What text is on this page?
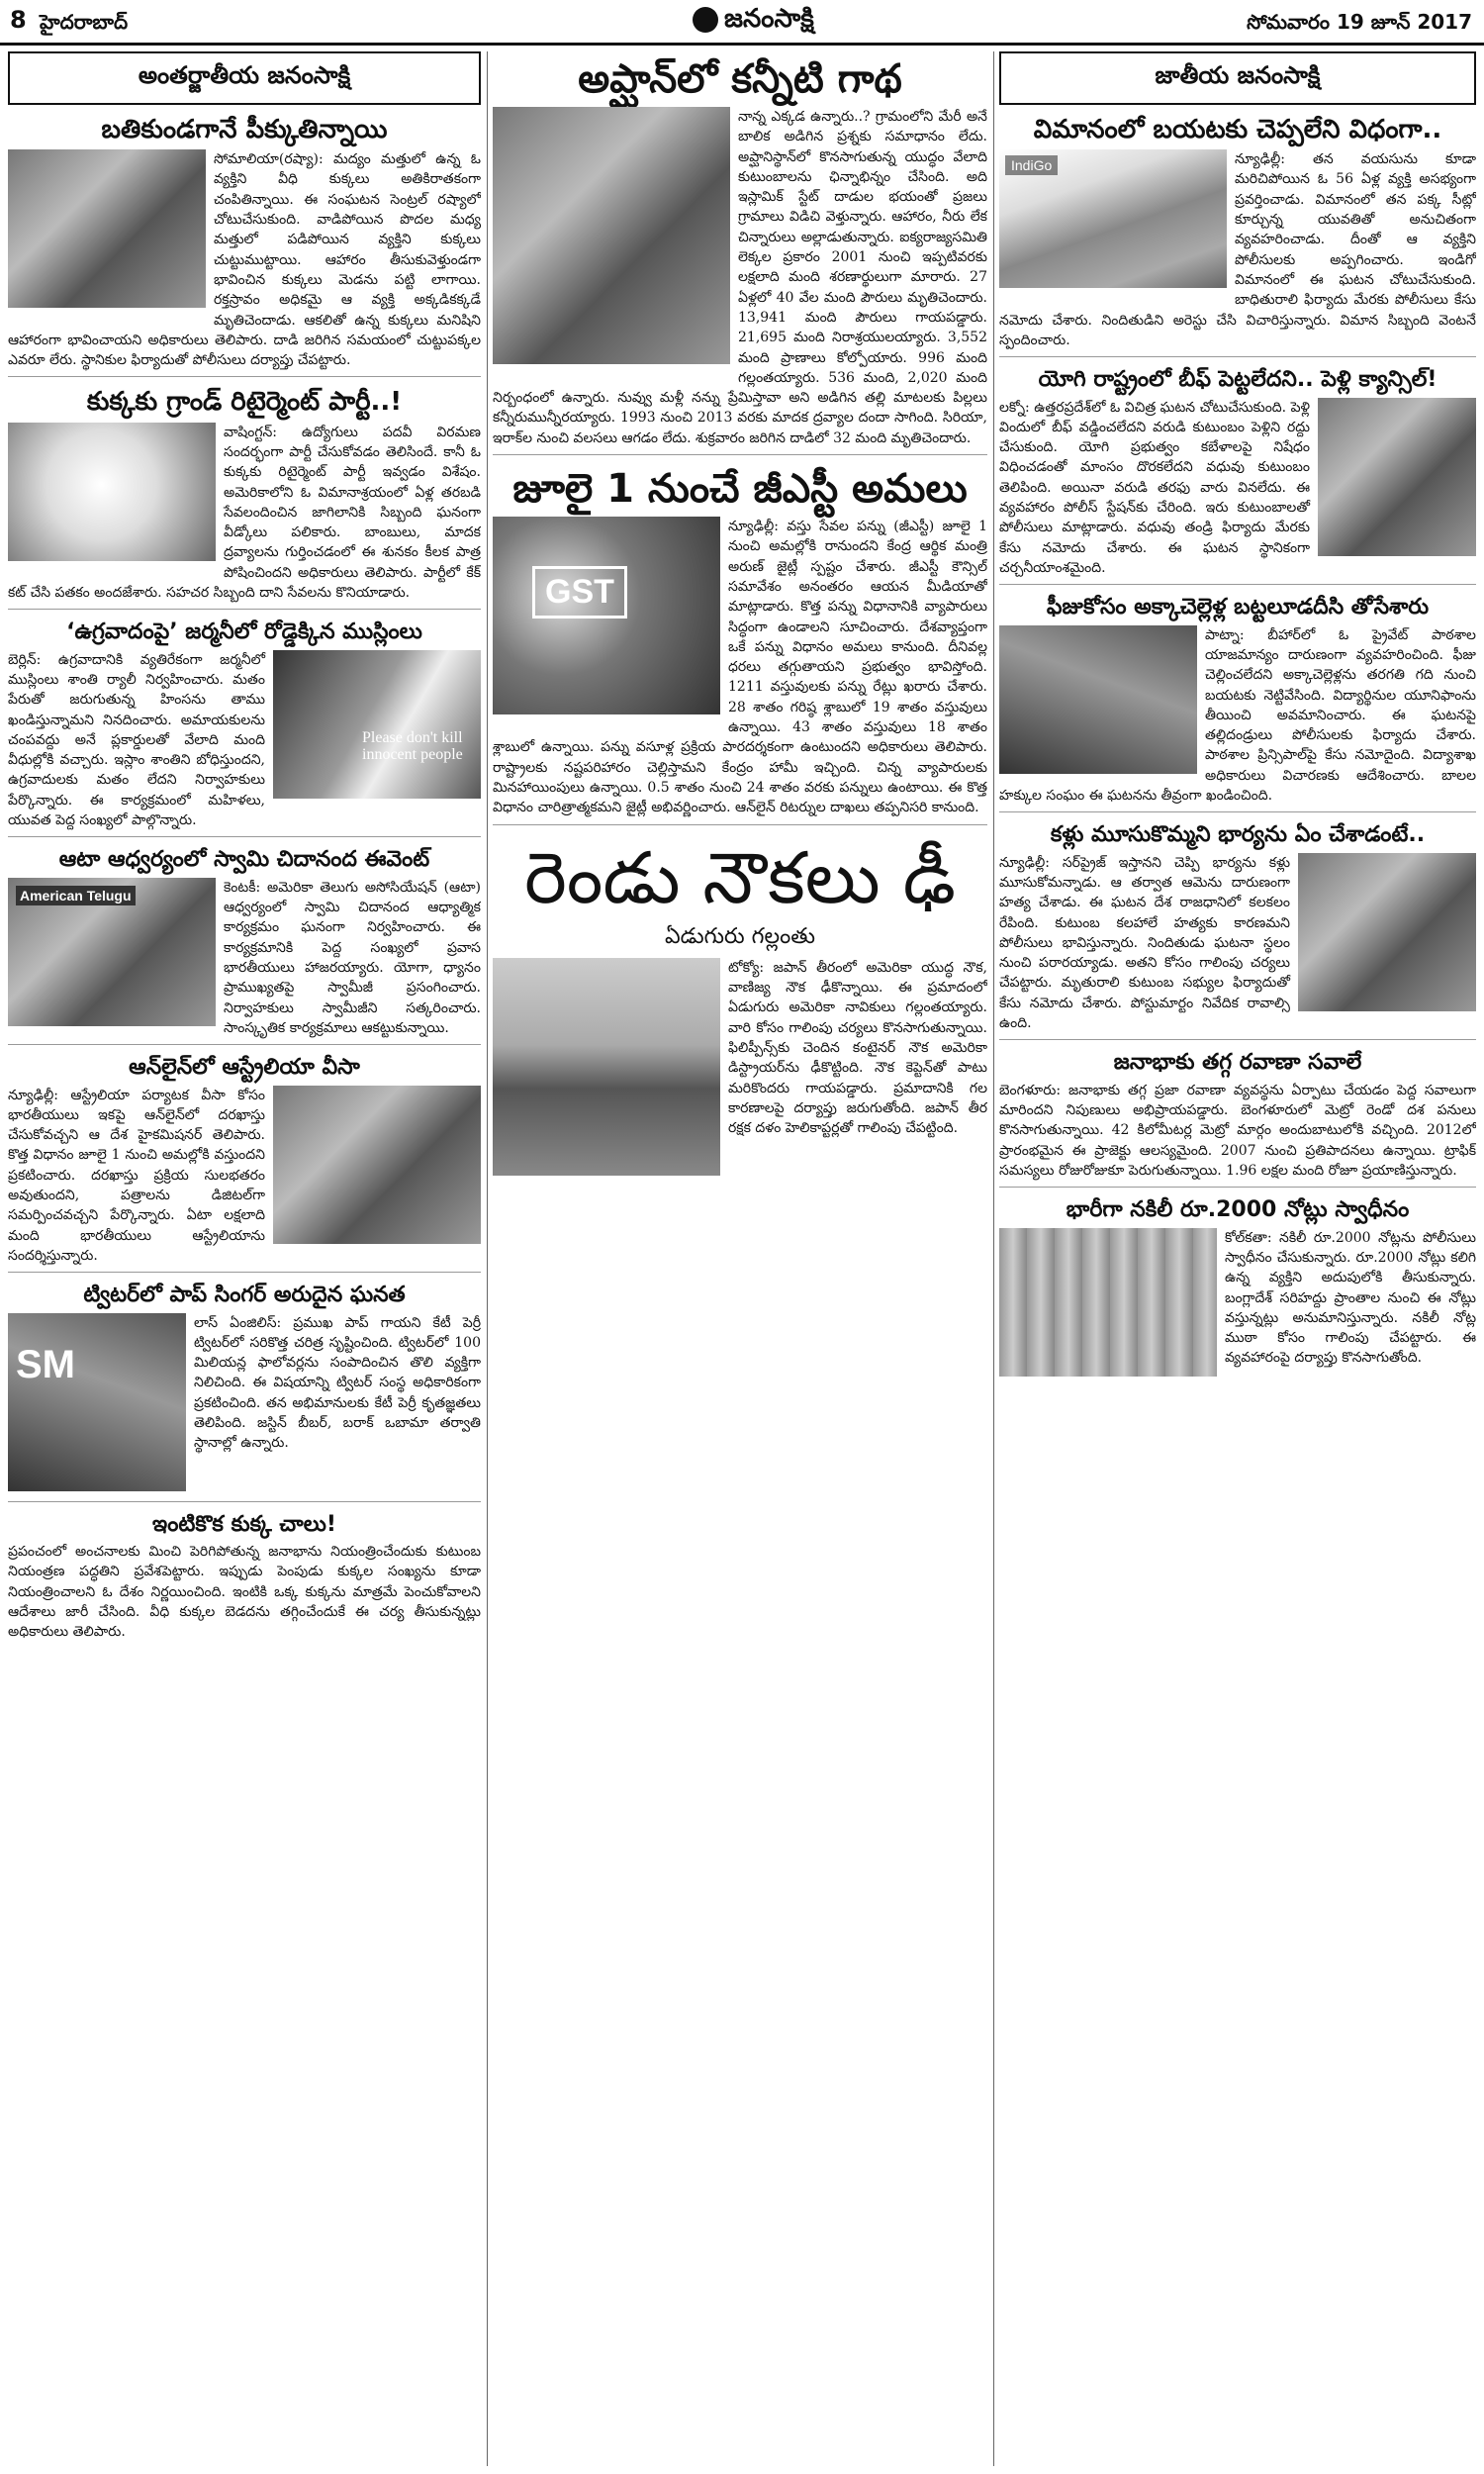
8 హైదరాబాద్	జనంసాక్షి	సోమవారం 19 జూన్ 2017
అంతర్జాతీయ జనంసాక్షి
బతికుండగానే పీక్కుతిన్నాయి
సోమాలియా(రష్యా): మద్యం మత్తులో ఉన్న ఓ వ్యక్తిని వీధి కుక్కలు అతికిరాతకంగా చంపితిన్నాయి. ఈ సంఘటన సెంట్రల్ రష్యాలో చోటుచేసుకుంది. వాడిపోయిన పొదల మధ్య మత్తులో పడిపోయిన వ్యక్తిని కుక్కలు చుట్టుముట్టాయి. ఆహారం తీసుకువెళ్తుండగా భావించిన కుక్కలు మెడను పట్టి లాగాయి. రక్తస్రావం అధికమై ఆ వ్యక్తి అక్కడికక్కడే మృతిచెందాడు. ఆకలితో ఉన్న కుక్కలు మనిషిని ఆహారంగా భావించాయని అధికారులు తెలిపారు. దాడి జరిగిన సమయంలో చుట్టుపక్కల ఎవరూ లేరు. స్థానికుల ఫిర్యాదుతో పోలీసులు దర్యాప్తు చేపట్టారు.
కుక్కకు గ్రాండ్ రిటైర్మెంట్ పార్టీ..!
వాషింగ్టన్: ఉద్యోగులు పదవీ విరమణ సందర్భంగా పార్టీ చేసుకోవడం తెలిసిందే. కానీ ఓ కుక్కకు రిటైర్మెంట్ పార్టీ ఇవ్వడం విశేషం. అమెరికాలోని ఓ విమానాశ్రయంలో ఏళ్ల తరబడి సేవలందించిన జాగిలానికి సిబ్బంది ఘనంగా వీడ్కోలు పలికారు. బాంబులు, మాదక ద్రవ్యాలను గుర్తించడంలో ఈ శునకం కీలక పాత్ర పోషించిందని అధికారులు తెలిపారు. పార్టీలో కేక్ కట్ చేసి పతకం అందజేశారు. సహచర సిబ్బంది దాని సేవలను కొనియాడారు.
‘ఉగ్రవాదంపై’ జర్మనీలో రోడ్డెక్కిన ముస్లిం‌లు
Please don't kill innocent people
బెర్లిన్: ఉగ్రవాదానికి వ్యతిరేకంగా జర్మనీలో ముస్లింలు శాంతి ర్యాలీ నిర్వహించారు. మతం పేరుతో జరుగుతున్న హింసను తాము ఖండిస్తున్నామని నినదించారు. అమాయకులను చంపవద్దు అనే ప్లకార్డులతో వేలాది మంది వీధుల్లోకి వచ్చారు. ఇస్లాం శాంతిని బోధిస్తుందని, ఉగ్రవాదులకు మతం లేదని నిర్వాహకులు పేర్కొన్నారు. ఈ కార్యక్రమంలో మహిళలు, యువత పెద్ద సంఖ్యలో పాల్గొన్నారు.
ఆటా ఆధ్వర్యంలో స్వామి చిదానంద ఈవెంట్
American Telugu	కెంటకీ: అమెరికా తెలుగు అసోసియేషన్ (ఆటా) ఆధ్వర్యంలో స్వామి చిదానంద ఆధ్యాత్మిక కార్యక్రమం ఘనంగా నిర్వహించారు. ఈ కార్యక్రమానికి పెద్ద సంఖ్యలో ప్రవాస భారతీయులు హాజరయ్యారు. యోగా, ధ్యానం ప్రాముఖ్యతపై స్వామీజీ ప్రసంగించారు. నిర్వాహకులు స్వామీజీని సత్కరించారు. సాంస్కృతిక కార్యక్రమాలు ఆకట్టుకున్నాయి.
ఆన్‌లైన్‌లో ఆస్ట్రేలియా వీసా
న్యూఢిల్లీ: ఆస్ట్రేలియా పర్యాటక వీసా కోసం భారతీయులు ఇకపై ఆన్‌లైన్‌లో దరఖాస్తు చేసుకోవచ్చని ఆ దేశ హైకమిషనర్ తెలిపారు. కొత్త విధానం జూలై 1 నుంచి అమల్లోకి వస్తుందని ప్రకటించారు. దరఖాస్తు ప్రక్రియ సులభతరం అవుతుందని, పత్రాలను డిజిటల్‌గా సమర్పించవచ్చని పేర్కొన్నారు. ఏటా లక్షలాది మంది భారతీయులు ఆస్ట్రేలియాను సందర్శిస్తున్నారు.
ట్విటర్‌లో పాప్ సింగర్ అరుదైన ఘనత
SM
లాస్ ఏంజిలిస్: ప్రముఖ పాప్ గాయని కేటీ పెర్రీ ట్విటర్‌లో సరికొత్త చరిత్ర సృష్టించింది. ట్విటర్‌లో 100 మిలియన్ల ఫాలోవర్లను సంపాదించిన తొలి వ్యక్తిగా నిలిచింది. ఈ విషయాన్ని ట్విటర్ సంస్థ అధికారికంగా ప్రకటించింది. తన అభిమానులకు కేటీ పెర్రీ కృతజ్ఞతలు తెలిపింది. జస్టిన్ బీబర్, బరాక్ ఒబామా తర్వాతి స్థానాల్లో ఉన్నారు.
ఇంటికొక కుక్క చాలు!
ప్రపంచంలో అంచనాలకు మించి పెరిగిపోతున్న జనాభాను నియంత్రించేందుకు కుటుంబ నియంత్రణ పద్ధతిని ప్రవేశపెట్టారు. ఇప్పుడు పెంపుడు కుక్కల సంఖ్యను కూడా నియంత్రించాలని ఓ దేశం నిర్ణయించింది. ఇంటికి ఒక్క కుక్కను మాత్రమే పెంచుకోవాలని ఆదేశాలు జారీ చేసింది. వీధి కుక్కల బెడదను తగ్గించేందుకే ఈ చర్య తీసుకున్నట్లు అధికారులు తెలిపారు.
అప్ఘాన్‌లో కన్నీటి గాథ
నాన్న ఎక్కడ ఉన్నారు..? గ్రామంలోని మేరీ అనే బాలిక అడిగిన ప్రశ్నకు సమాధానం లేదు. అప్ఘానిస్థాన్‌లో కొనసాగుతున్న యుద్ధం వేలాది కుటుంబాలను ఛిన్నాభిన్నం చేసింది. అది ఇస్లామిక్ స్టేట్ దాడుల భయంతో ప్రజలు గ్రామాలు విడిచి వెళ్తున్నారు. ఆహారం, నీరు లేక చిన్నారులు అల్లాడుతున్నారు. ఐక్యరాజ్యసమితి లెక్కల ప్రకారం 2001 నుంచి ఇప్పటివరకు లక్షలాది మంది శరణార్థులుగా మారారు. 27 ఏళ్లలో 40 వేల మంది పౌరులు మృతిచెందారు. 13,941 మంది పౌరులు గాయపడ్డారు. 21,695 మంది నిరాశ్రయులయ్యారు. 3,552 మంది ప్రాణాలు కోల్పోయారు. 996 మంది గల్లంతయ్యారు. 536 మంది, 2,020 మంది నిర్బంధంలో ఉన్నారు. నువ్వు మళ్లీ నన్ను ప్రేమిస్తావా అని అడిగిన తల్లి మాటలకు పిల్లలు కన్నీరుమున్నీరయ్యారు. 1993 నుంచి 2013 వరకు మాదక ద్రవ్యాల దందా సాగింది. సిరియా, ఇరాక్‌ల నుంచి వలసలు ఆగడం లేదు. శుక్రవారం జరిగిన దాడిలో 32 మంది మృతిచెందారు.
జూలై 1 నుంచే జీఎస్టీ అమలు
GST
న్యూఢిల్లీ: వస్తు సేవల పన్ను (జీఎస్టీ) జూలై 1 నుంచి అమల్లోకి రానుందని కేంద్ర ఆర్థిక మంత్రి అరుణ్ జైట్లీ స్పష్టం చేశారు. జీఎస్టీ కౌన్సిల్ సమావేశం అనంతరం ఆయన మీడియాతో మాట్లాడారు. కొత్త పన్ను విధానానికి వ్యాపారులు సిద్ధంగా ఉండాలని సూచించారు. దేశవ్యాప్తంగా ఒకే పన్ను విధానం అమలు కానుంది. దీనివల్ల ధరలు తగ్గుతాయని ప్రభుత్వం భావిస్తోంది. 1211 వస్తువులకు పన్ను రేట్లు ఖరారు చేశారు. 28 శాతం గరిష్ఠ శ్లాబులో 19 శాతం వస్తువులు ఉన్నాయి. 43 శాతం వస్తువులు 18 శాతం శ్లాబులో ఉన్నాయి. పన్ను వసూళ్ల ప్రక్రియ పారదర్శకంగా ఉంటుందని అధికారులు తెలిపారు. రాష్ట్రాలకు నష్టపరిహారం చెల్లిస్తామని కేంద్రం హామీ ఇచ్చింది. చిన్న వ్యాపారులకు మినహాయింపులు ఉన్నాయి. 0.5 శాతం నుంచి 24 శాతం వరకు పన్నులు ఉంటాయి. ఈ కొత్త విధానం చారిత్రాత్మకమని జైట్లీ అభివర్ణించారు. ఆన్‌లైన్ రిటర్నుల దాఖలు తప్పనిసరి కానుంది.
రెండు నౌకలు ఢీ
ఏడుగురు గల్లంతు
టోక్యో: జపాన్ తీరంలో అమెరికా యుద్ధ నౌక, వాణిజ్య నౌక ఢీకొన్నాయి. ఈ ప్రమాదంలో ఏడుగురు అమెరికా నావికులు గల్లంతయ్యారు. వారి కోసం గాలింపు చర్యలు కొనసాగుతున్నాయి. ఫిలిప్పీన్స్‌కు చెందిన కంటైనర్ నౌక అమెరికా డిస్ట్రాయర్‌ను ఢీకొట్టింది. నౌక కెప్టెన్‌తో పాటు మరికొందరు గాయపడ్డారు. ప్రమాదానికి గల కారణాలపై దర్యాప్తు జరుగుతోంది. జపాన్ తీర రక్షక దళం హెలికాప్టర్లతో గాలింపు చేపట్టింది.
జాతీయ జనంసాక్షి
విమానంలో బయటకు చెప్పలేని విధంగా..
IndiGo	న్యూఢిల్లీ: తన వయసును కూడా మరిచిపోయిన ఓ 56 ఏళ్ల వ్యక్తి అసభ్యంగా ప్రవర్తించాడు. విమానంలో తన పక్క సీట్లో కూర్చున్న యువతితో అనుచితంగా వ్యవహరించాడు. దీంతో ఆ వ్యక్తిని పోలీసులకు అప్పగించారు. ఇండిగో విమానంలో ఈ ఘటన చోటుచేసుకుంది. బాధితురాలి ఫిర్యాదు మేరకు పోలీసులు కేసు నమోదు చేశారు. నిందితుడిని అరెస్టు చేసి విచారిస్తున్నారు. విమాన సిబ్బంది వెంటనే స్పందించారు.
యోగి రాష్ట్రంలో బీఫ్ పెట్టలేదని.. పెళ్లి క్యాన్సిల్!
లక్నో: ఉత్తరప్రదేశ్‌లో ఓ విచిత్ర ఘటన చోటుచేసుకుంది. పెళ్లి విందులో బీఫ్ వడ్డించలేదని వరుడి కుటుంబం పెళ్లిని రద్దు చేసుకుంది. యోగి ప్రభుత్వం కబేళాలపై నిషేధం విధించడంతో మాంసం దొరకలేదని వధువు కుటుంబం తెలిపింది. అయినా వరుడి తరఫు వారు వినలేదు. ఈ వ్యవహారం పోలీస్ స్టేషన్‌కు చేరింది. ఇరు కుటుంబాలతో పోలీసులు మాట్లాడారు. వధువు తండ్రి ఫిర్యాదు మేరకు కేసు నమోదు చేశారు. ఈ ఘటన స్థానికంగా చర్చనీయాంశమైంది.
ఫీజుకోసం అక్కాచెల్లెళ్ల బట్టలూడదీసి తోసేశారు
పాట్నా: బీహార్‌లో ఓ ప్రైవేట్ పాఠశాల యాజమాన్యం దారుణంగా వ్యవహరించింది. ఫీజు చెల్లించలేదని అక్కాచెల్లెళ్లను తరగతి గది నుంచి బయటకు నెట్టివేసింది. విద్యార్థినుల యూనిఫాంను తీయించి అవమానించారు. ఈ ఘటనపై తల్లిదండ్రులు పోలీసులకు ఫిర్యాదు చేశారు. పాఠశాల ప్రిన్సిపాల్‌పై కేసు నమోదైంది. విద్యాశాఖ అధికారులు విచారణకు ఆదేశించారు. బాలల హక్కుల సంఘం ఈ ఘటనను తీవ్రంగా ఖండించింది.
కళ్లు మూసుకొమ్మని భార్యను ఏం చేశాడంటే..
న్యూఢిల్లీ: సర్‌ప్రైజ్ ఇస్తానని చెప్పి భార్యను కళ్లు మూసుకోమన్నాడు. ఆ తర్వాత ఆమెను దారుణంగా హత్య చేశాడు. ఈ ఘటన దేశ రాజధానిలో కలకలం రేపింది. కుటుంబ కలహాలే హత్యకు కారణమని పోలీసులు భావిస్తున్నారు. నిందితుడు ఘటనా స్థలం నుంచి పరారయ్యాడు. అతని కోసం గాలింపు చర్యలు చేపట్టారు. మృతురాలి కుటుంబ సభ్యుల ఫిర్యాదుతో కేసు నమోదు చేశారు. పోస్టుమార్టం నివేదిక రావాల్సి ఉంది.
జనాభాకు తగ్గ రవాణా సవాలే
బెంగళూరు: జనాభాకు తగ్గ ప్రజా రవాణా వ్యవస్థను ఏర్పాటు చేయడం పెద్ద సవాలుగా మారిందని నిపుణులు అభిప్రాయపడ్డారు. బెంగళూరులో మెట్రో రెండో దశ పనులు కొనసాగుతున్నాయి. 42 కిలోమీటర్ల మెట్రో మార్గం అందుబాటులోకి వచ్చింది. 2012లో ప్రారంభమైన ఈ ప్రాజెక్టు ఆలస్యమైంది. 2007 నుంచి ప్రతిపాదనలు ఉన్నాయి. ట్రాఫిక్ సమస్యలు రోజురోజుకూ పెరుగుతున్నాయి. 1.96 లక్షల మంది రోజూ ప్రయాణిస్తున్నారు.
భారీగా నకిలీ రూ.2000 నోట్లు స్వాధీనం
కోల్‌కతా: నకిలీ రూ.2000 నోట్లను పోలీసులు స్వాధీనం చేసుకున్నారు. రూ.2000 నోట్లు కలిగి ఉన్న వ్యక్తిని అదుపులోకి తీసుకున్నారు. బంగ్లాదేశ్ సరిహద్దు ప్రాంతాల నుంచి ఈ నోట్లు వస్తున్నట్లు అనుమానిస్తున్నారు. నకిలీ నోట్ల ముఠా కోసం గాలింపు చేపట్టారు. ఈ వ్యవహారంపై దర్యాప్తు కొనసాగుతోంది.
